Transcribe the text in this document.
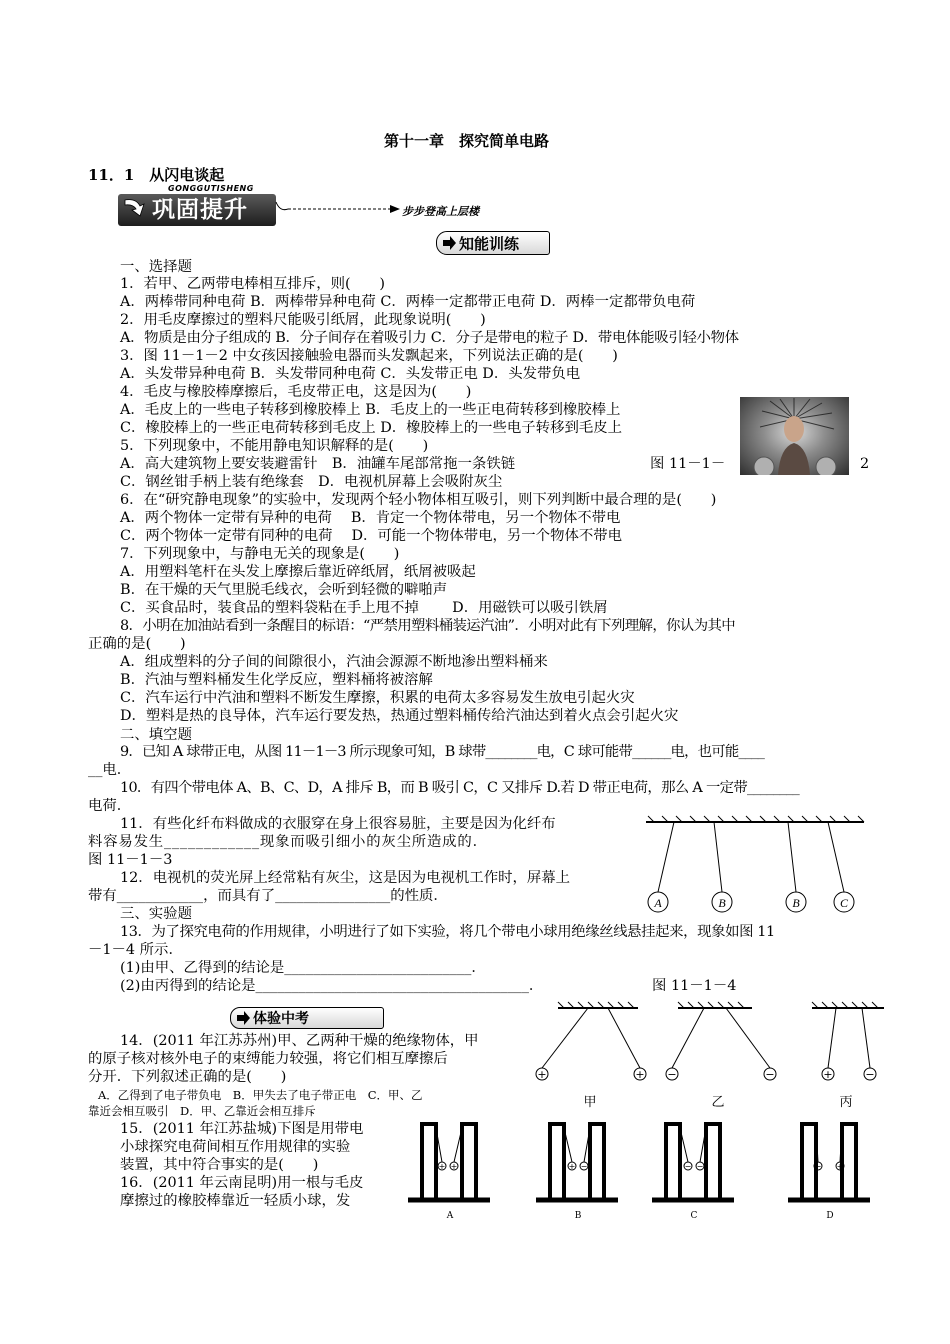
第十一章　探究简单电路
11．1　从闪电谈起
GONGGUTISHENG
巩固提升	步步登高上层楼
知能训练
一、选择题
1．若甲、乙两带电棒相互排斥，则(　　)
A．两棒带同种电荷 B．两棒带异种电荷 C．两棒一定都带正电荷 D．两棒一定都带负电荷
2．用毛皮摩擦过的塑料尺能吸引纸屑，此现象说明(　　)
A．物质是由分子组成的 B．分子间存在着吸引力 C．分子是带电的粒子 D．带电体能吸引轻小物体
3．图 11－1－2 中女孩因接触验电器而头发飘起来，下列说法正确的是(　　)
A．头发带异种电荷 B．头发带同种电荷 C．头发带正电 D．头发带负电
4．毛皮与橡胶棒摩擦后，毛皮带正电，这是因为(　　)
A．毛皮上的一些电子转移到橡胶棒上 B．毛皮上的一些正电荷转移到橡胶棒上
C．橡胶棒上的一些正电荷转移到毛皮上 D．橡胶棒上的一些电子转移到毛皮上
5．下列现象中，不能用静电知识解释的是(　　)
A．高大建筑物上要安装避雷针　B．油罐车尾部常拖一条铁链
C．钢丝钳手柄上装有绝缘套　D．电视机屏幕上会吸附灰尘
6．在“研究静电现象”的实验中，发现两个轻小物体相互吸引，则下列判断中最合理的是(　　)
A．两个物体一定带有异种的电荷　 B．肯定一个物体带电，另一个物体不带电
C．两个物体一定带有同种的电荷　 D．可能一个物体带电，另一个物体不带电
7．下列现象中，与静电无关的现象是(　　)
A．用塑料笔杆在头发上摩擦后靠近碎纸屑，纸屑被吸起
B．在干燥的天气里脱毛线衣，会听到轻微的噼啪声
C．买食品时，装食品的塑料袋粘在手上甩不掉　　 D．用磁铁可以吸引铁屑
8．小明在加油站看到一条醒目的标语：“严禁用塑料桶装运汽油”．小明对此有下列理解，你认为其中
正确的是(　　)
A．组成塑料的分子间的间隙很小，汽油会源源不断地渗出塑料桶来
B．汽油与塑料桶发生化学反应，塑料桶将被溶解
C．汽车运行中汽油和塑料不断发生摩擦，积累的电荷太多容易发生放电引起火灾
D．塑料是热的良导体，汽车运行要发热，热通过塑料桶传给汽油达到着火点会引起火灾
二、填空题
9．已知 A 球带正电，从图 11－1－3 所示现象可知，B 球带________电，C 球可能带______电，也可能____
__电．
10．有四个带电体 A、B、C、D，A 排斥 B，而 B 吸引 C，C 又排斥 D.若 D 带正电荷，那么 A 一定带________
电荷．
11．有些化纤布料做成的衣服穿在身上很容易脏，主要是因为化纤布
料容易发生____________现象而吸引细小的灰尘所造成的．
图 11－1－3
12．电视机的荧光屏上经常粘有灰尘，这是因为电视机工作时，屏幕上
带有____________，而具有了________________的性质．
三、实验题
13．为了探究电荷的作用规律，小明进行了如下实验，将几个带电小球用绝缘丝线悬挂起来，现象如图 11
－1－4 所示．
(1)由甲、乙得到的结论是__________________________．
(2)由丙得到的结论是______________________________________．	图 11－1－4
体验中考
14．(2011 年江苏苏州)甲、乙两种干燥的绝缘物体，甲
的原子核对核外电子的束缚能力较强，将它们相互摩擦后
分开．下列叙述正确的是(　　)
A．乙得到了电子带负电　B．甲失去了电子带正电　C．甲、乙
靠近会相互吸引　D．甲、乙靠近会相互排斥
15．(2011 年江苏盐城)下图是用带电
小球探究电荷间相互作用规律的实验
装置，其中符合事实的是(　　)
16．(2011 年云南昆明)用一根与毛皮
摩擦过的橡胶棒靠近一轻质小球，发
图 11－1－	2
A	B	B	C
+	+ −	−	+	−
甲	乙	丙
+ +	+ −	− −	− +
A	B	C	D
